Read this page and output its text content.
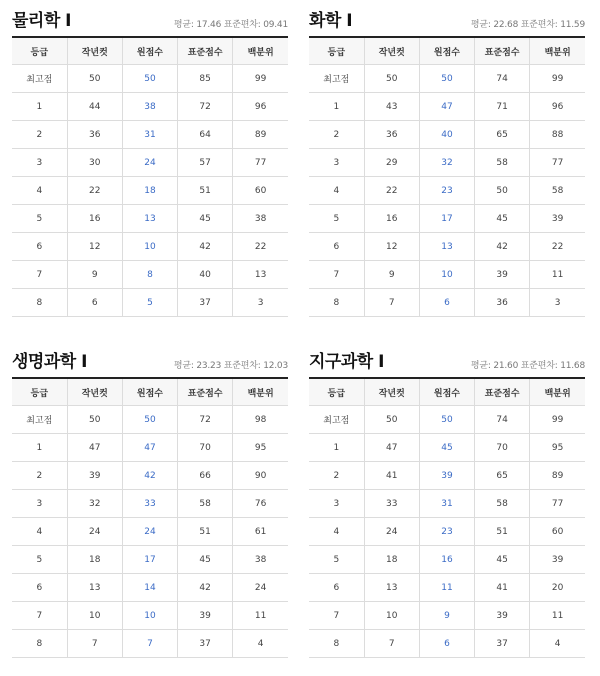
물리학 Ⅰ	평균: 17.46 표준편차: 09.41
등급	작년컷	원점수	표준점수	백분위
최고점	50	50	85	99
1	44	38	72	96
2	36	31	64	89
3	30	24	57	77
4	22	18	51	60
5	16	13	45	38
6	12	10	42	22
7	9	8	40	13
8	6	5	37	3
화학 Ⅰ	평균: 22.68 표준편차: 11.59
등급	작년컷	원점수	표준점수	백분위
최고점	50	50	74	99
1	43	47	71	96
2	36	40	65	88
3	29	32	58	77
4	22	23	50	58
5	16	17	45	39
6	12	13	42	22
7	9	10	39	11
8	7	6	36	3
생명과학 Ⅰ	평균: 23.23 표준편차: 12.03
등급	작년컷	원점수	표준점수	백분위
최고점	50	50	72	98
1	47	47	70	95
2	39	42	66	90
3	32	33	58	76
4	24	24	51	61
5	18	17	45	38
6	13	14	42	24
7	10	10	39	11
8	7	7	37	4
지구과학 Ⅰ	평균: 21.60 표준편차: 11.68
등급	작년컷	원점수	표준점수	백분위
최고점	50	50	74	99
1	47	45	70	95
2	41	39	65	89
3	33	31	58	77
4	24	23	51	60
5	18	16	45	39
6	13	11	41	20
7	10	9	39	11
8	7	6	37	4
